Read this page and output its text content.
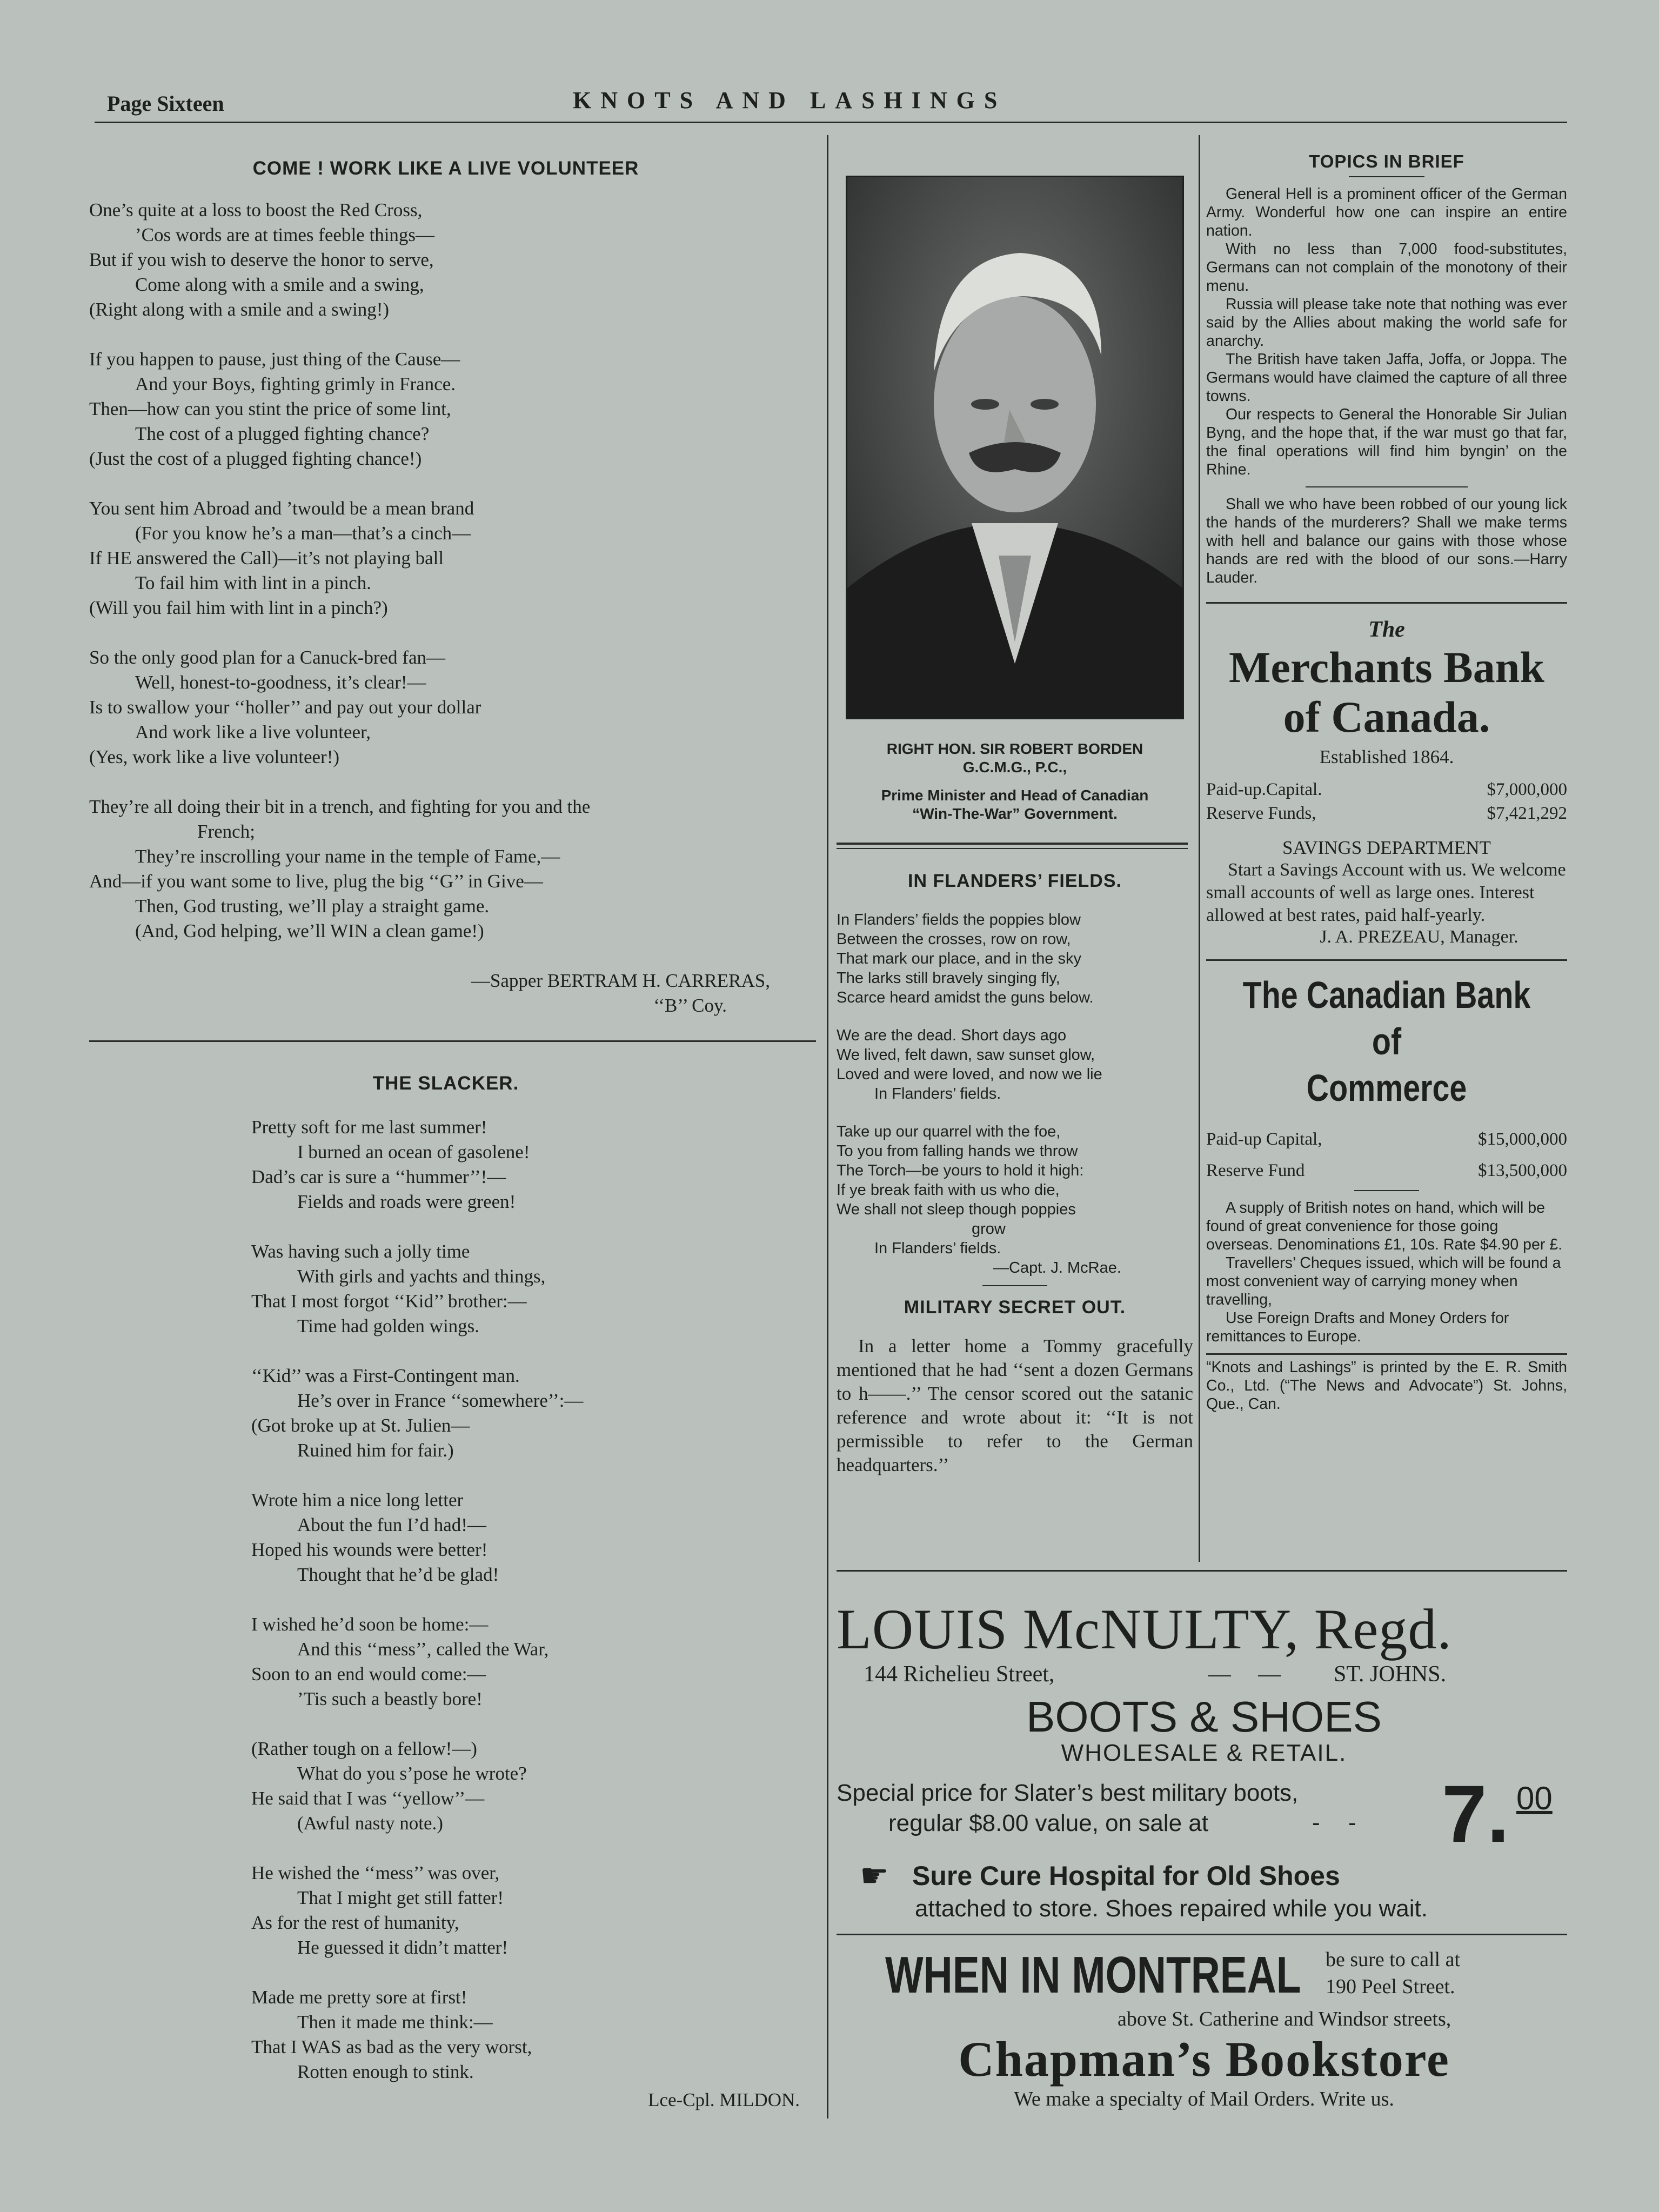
Page Sixteen	KNOTS AND LASHINGS
COME ! WORK LIKE A LIVE VOLUNTEER
One’s quite at a loss to boost the Red Cross,
’Cos words are at times feeble things—
But if you wish to deserve the honor to serve,
Come along with a smile and a swing,
(Right along with a smile and a swing!)
If you happen to pause, just thing of the Cause—
And your Boys, fighting grimly in France.
Then—how can you stint the price of some lint,
The cost of a plugged fighting chance?
(Just the cost of a plugged fighting chance!)
You sent him Abroad and ’twould be a mean brand
(For you know he’s a man—that’s a cinch—
If HE answered the Call)—it’s not playing ball
To fail him with lint in a pinch.
(Will you fail him with lint in a pinch?)
So the only good plan for a Canuck-bred fan—
Well, honest-to-goodness, it’s clear!—
Is to swallow your ‘‘holler’’ and pay out your dollar
And work like a live volunteer,
(Yes, work like a live volunteer!)
They’re all doing their bit in a trench, and fighting for you and the
French;
They’re inscrolling your name in the temple of Fame,—
And—if you want some to live, plug the big ‘‘G’’ in Give—
Then, God trusting, we’ll play a straight game.
(And, God helping, we’ll WIN a clean game!)
—Sapper BERTRAM H. CARRERAS,
‘‘B’’ Coy.
THE SLACKER.
Pretty soft for me last summer!
I burned an ocean of gasolene!
Dad’s car is sure a ‘‘hummer’’!—
Fields and roads were green!
Was having such a jolly time
With girls and yachts and things,
That I most forgot ‘‘Kid’’ brother:—
Time had golden wings.
‘‘Kid’’ was a First-Contingent man.
He’s over in France ‘‘somewhere’’:—
(Got broke up at St. Julien—
Ruined him for fair.)
Wrote him a nice long letter
About the fun I’d had!—
Hoped his wounds were better!
Thought that he’d be glad!
I wished he’d soon be home:—
And this ‘‘mess’’, called the War,
Soon to an end would come:—
’Tis such a beastly bore!
(Rather tough on a fellow!—)
What do you s’pose he wrote?
He said that I was ‘‘yellow’’—
(Awful nasty note.)
He wished the ‘‘mess’’ was over,
That I might get still fatter!
As for the rest of humanity,
He guessed it didn’t matter!
Made me pretty sore at first!
Then it made me think:—
That I WAS as bad as the very worst,
Rotten enough to stink.
Lce-Cpl. MILDON.
RIGHT HON. SIR ROBERT BORDEN
G.C.M.G., P.C.,
Prime Minister and Head of Canadian
“Win-The-War” Government.
IN FLANDERS’ FIELDS.
In Flanders’ fields the poppies blow
Between the crosses, row on row,
That mark our place, and in the sky
The larks still bravely singing fly,
Scarce heard amidst the guns below.
We are the dead. Short days ago
We lived, felt dawn, saw sunset glow,
Loved and were loved, and now we lie
In Flanders’ fields.
Take up our quarrel with the foe,
To you from falling hands we throw
The Torch—be yours to hold it high:
If ye break faith with us who die,
We shall not sleep though poppies
grow
In Flanders’ fields.
—Capt. J. McRae.
MILITARY SECRET OUT.
In a letter home a Tommy gracefully mentioned that he had ‘‘sent a dozen Germans to h——.’’ The censor scored out the satanic reference and wrote about it: ‘‘It is not permissible to refer to the German headquarters.’’
TOPICS IN BRIEF
General Hell is a prominent officer of the German Army. Wonderful how one can inspire an entire nation.
With no less than 7,000 food-substitutes, Germans can not complain of the monotony of their menu.
Russia will please take note that nothing was ever said by the Allies about making the world safe for anarchy.
The British have taken Jaffa, Joffa, or Joppa. The Germans would have claimed the capture of all three towns.
Our respects to General the Honorable Sir Julian Byng, and the hope that, if the war must go that far, the final operations will find him byngin’ on the Rhine.
Shall we who have been robbed of our young lick the hands of the murderers? Shall we make terms with hell and balance our gains with those whose hands are red with the blood of our sons.—Harry Lauder.
The
Merchants Bank
of Canada.
Established 1864.
Paid-up.Capital.	$7,000,000
Reserve Funds,	$7,421,292
SAVINGS DEPARTMENT
Start a Savings Account with us. We welcome small accounts of well as large ones. Interest allowed at best rates, paid half-yearly.
J. A. PREZEAU, Manager.
The Canadian Bank of
Commerce
Paid-up Capital,	$15,000,000
Reserve Fund	$13,500,000
A supply of British notes on hand, which will be found of great convenience for those going overseas. Denominations £1, 10s. Rate $4.90 per £.
Travellers’ Cheques issued, which will be found a most convenient way of carrying money when travelling,
Use Foreign Drafts and Money Orders for remittances to Europe.
“Knots and Lashings” is printed by the E. R. Smith Co., Ltd. (“The News and Advocate”) St. Johns, Que., Can.
LOUIS McNULTY, Regd.
144 Richelieu Street,	— —	ST. JOHNS.
BOOTS & SHOES
WHOLESALE & RETAIL.
Special price for Slater’s best military boots,
regular $8.00 value, on sale at	- - 7. 00
☛ Sure Cure Hospital for Old Shoes
attached to store. Shoes repaired while you wait.
WHEN IN MONTREAL be sure to call at
190 Peel Street.
above St. Catherine and Windsor streets,
Chapman’s Bookstore
We make a specialty of Mail Orders. Write us.
